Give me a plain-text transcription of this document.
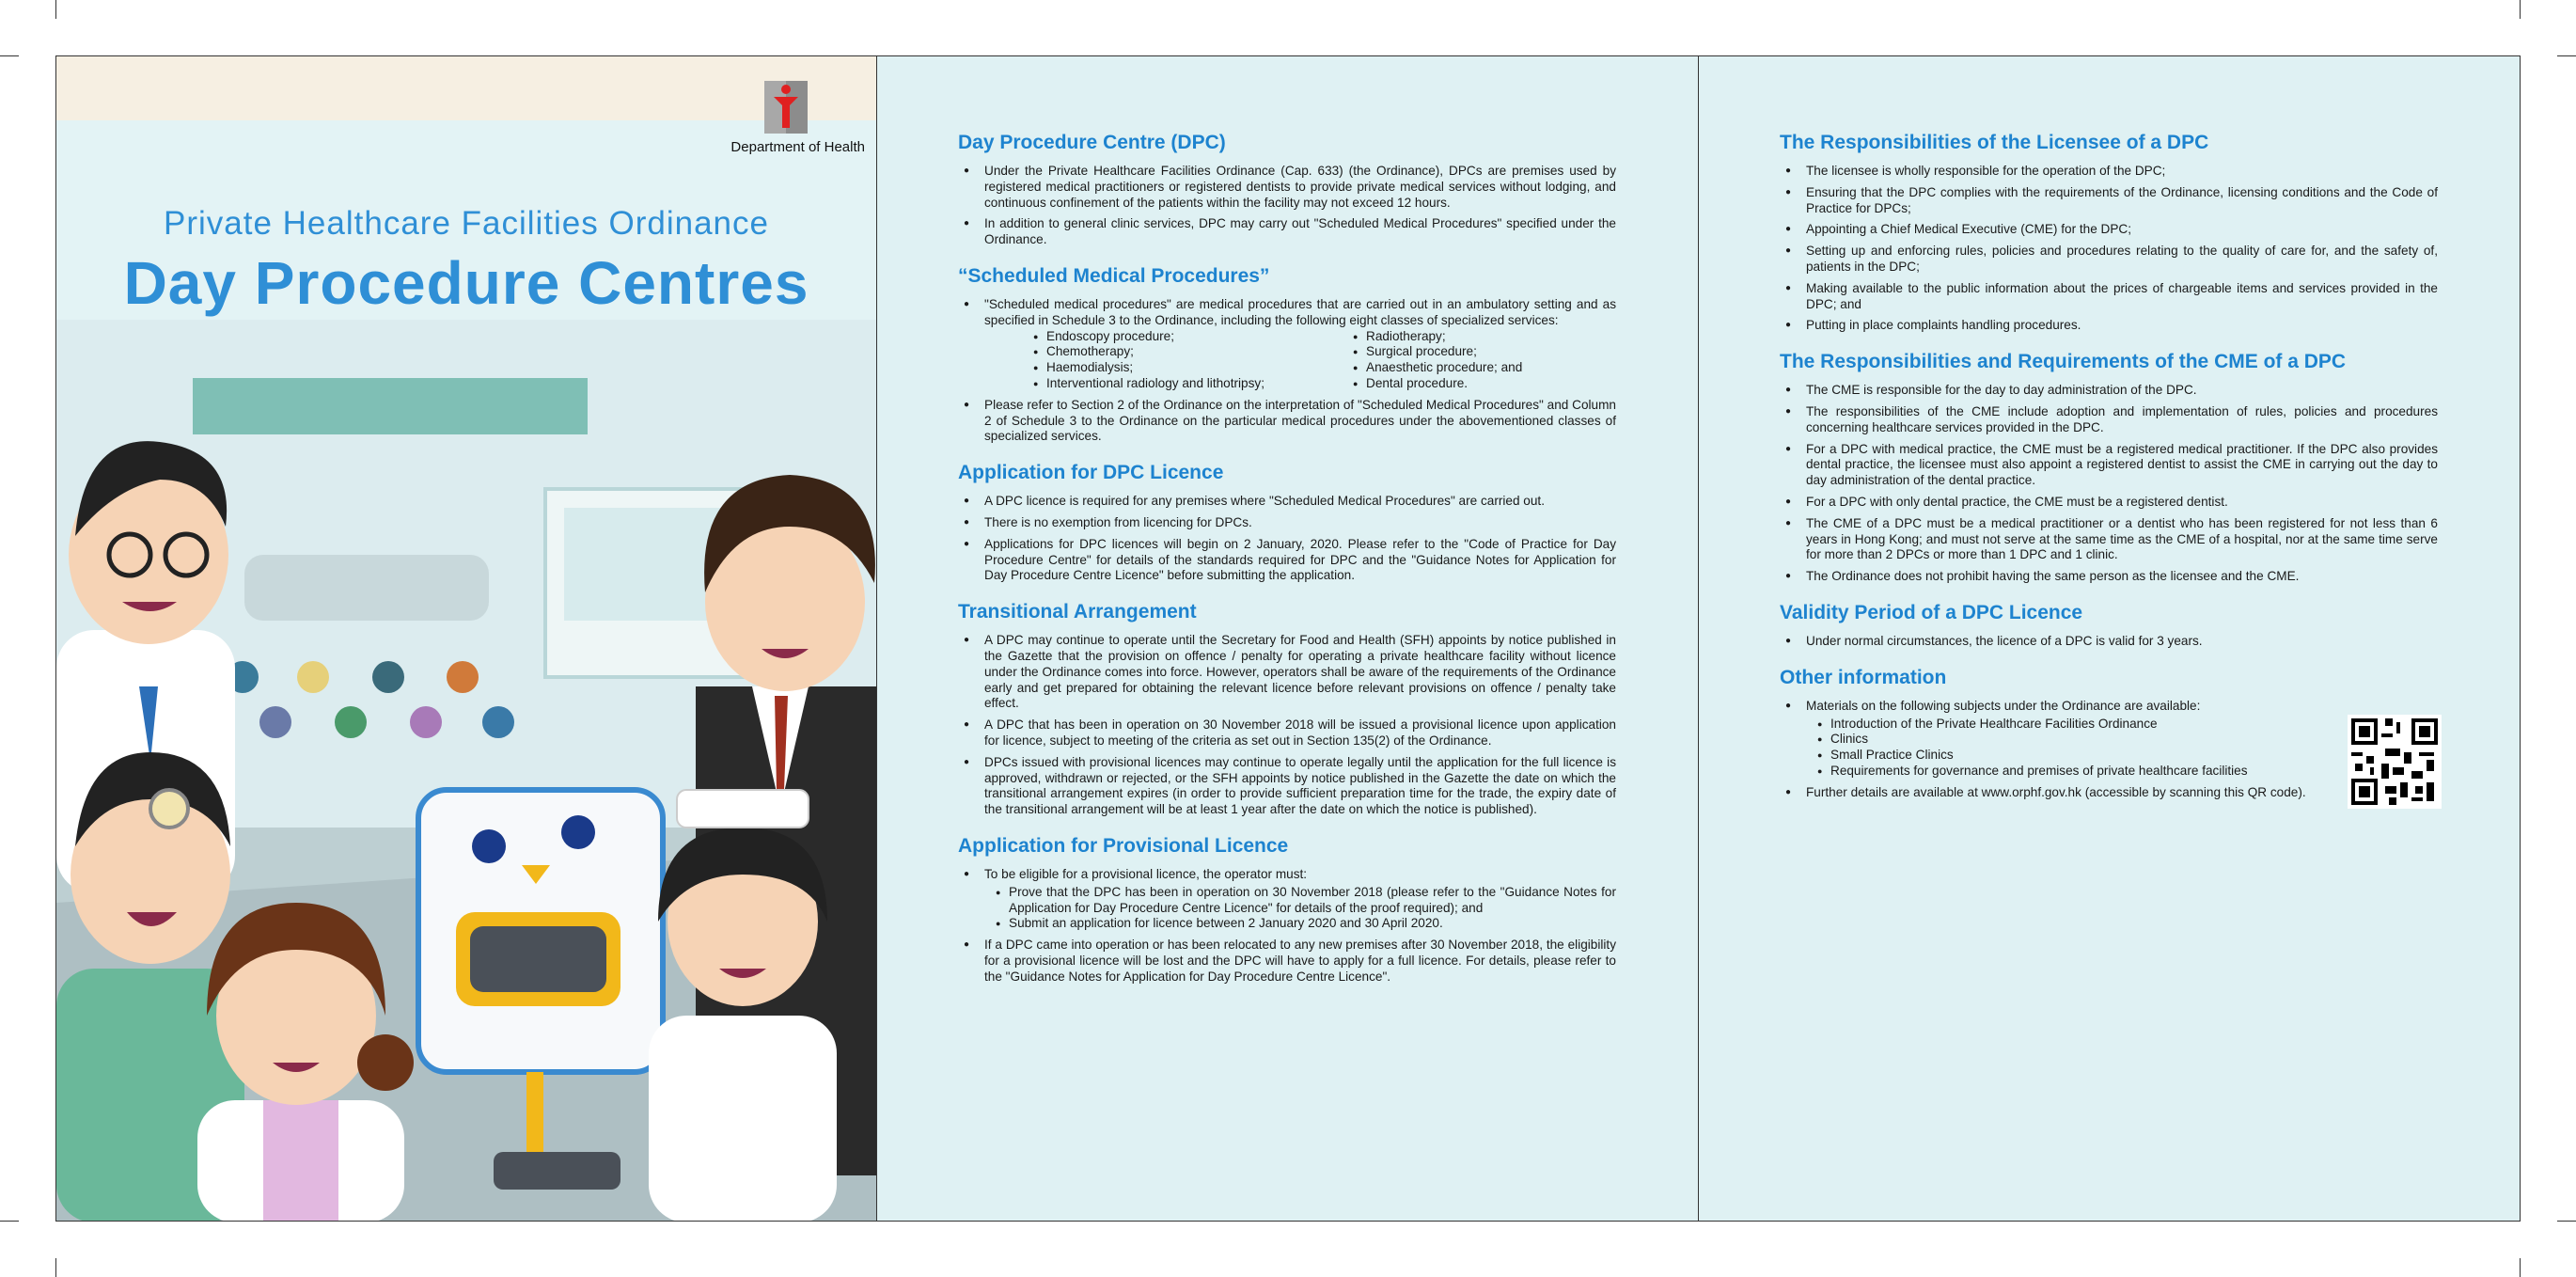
Department of Health
Private Healthcare Facilities Ordinance
Day Procedure Centres
Day Procedure Centre (DPC)
● Under the Private Healthcare Facilities Ordinance (Cap. 633) (the Ordinance), DPCs are premises used by registered medical practitioners or registered dentists to provide private medical services without lodging, and continuous confinement of the patients within the facility may not exceed 12 hours.
● In addition to general clinic services, DPC may carry out "Scheduled Medical Procedures" specified under the Ordinance.
“Scheduled Medical Procedures”
● "Scheduled medical procedures" are medical procedures that are carried out in an ambulatory setting and as specified in Schedule 3 to the Ordinance, including the following eight classes of specialized services:
● Endoscopy procedure;	● Radiotherapy;
● Chemotherapy;	● Surgical procedure;
● Haemodialysis;	● Anaesthetic procedure; and
● Interventional radiology and lithotripsy;	● Dental procedure.
● Please refer to Section 2 of the Ordinance on the interpretation of "Scheduled Medical Procedures" and Column 2 of Schedule 3 to the Ordinance on the particular medical procedures under the abovementioned classes of specialized services.
Application for DPC Licence
● A DPC licence is required for any premises where "Scheduled Medical Procedures" are carried out.
● There is no exemption from licencing for DPCs.
● Applications for DPC licences will begin on 2 January, 2020. Please refer to the "Code of Practice for Day Procedure Centre" for details of the standards required for DPC and the "Guidance Notes for Application for Day Procedure Centre Licence" before submitting the application.
Transitional Arrangement
● A DPC may continue to operate until the Secretary for Food and Health (SFH) appoints by notice published in the Gazette that the provision on offence / penalty for operating a private healthcare facility without licence under the Ordinance comes into force. However, operators shall be aware of the requirements of the Ordinance early and get prepared for obtaining the relevant licence before relevant provisions on offence / penalty take effect.
● A DPC that has been in operation on 30 November 2018 will be issued a provisional licence upon application for licence, subject to meeting of the criteria as set out in Section 135(2) of the Ordinance.
● DPCs issued with provisional licences may continue to operate legally until the application for the full licence is approved, withdrawn or rejected, or the SFH appoints by notice published in the Gazette the date on which the transitional arrangement expires (in order to provide sufficient preparation time for the trade, the expiry date of the transitional arrangement will be at least 1 year after the date on which the notice is published).
Application for Provisional Licence
● To be eligible for a provisional licence, the operator must:
● Prove that the DPC has been in operation on 30 November 2018 (please refer to the "Guidance Notes for Application for Day Procedure Centre Licence" for details of the proof required); and
● Submit an application for licence between 2 January 2020 and 30 April 2020.
● If a DPC came into operation or has been relocated to any new premises after 30 November 2018, the eligibility for a provisional licence will be lost and the DPC will have to apply for a full licence. For details, please refer to the "Guidance Notes for Application for Day Procedure Centre Licence".
The Responsibilities of the Licensee of a DPC
● The licensee is wholly responsible for the operation of the DPC;
● Ensuring that the DPC complies with the requirements of the Ordinance, licensing conditions and the Code of Practice for DPCs;
● Appointing a Chief Medical Executive (CME) for the DPC;
● Setting up and enforcing rules, policies and procedures relating to the quality of care for, and the safety of, patients in the DPC;
● Making available to the public information about the prices of chargeable items and services provided in the DPC; and
● Putting in place complaints handling procedures.
The Responsibilities and Requirements of the CME of a DPC
● The CME is responsible for the day to day administration of the DPC.
● The responsibilities of the CME include adoption and implementation of rules, policies and procedures concerning healthcare services provided in the DPC.
● For a DPC with medical practice, the CME must be a registered medical practitioner. If the DPC also provides dental practice, the licensee must also appoint a registered dentist to assist the CME in carrying out the day to day administration of the dental practice.
● For a DPC with only dental practice, the CME must be a registered dentist.
● The CME of a DPC must be a medical practitioner or a dentist who has been registered for not less than 6 years in Hong Kong; and must not serve at the same time as the CME of a hospital, nor at the same time serve for more than 2 DPCs or more than 1 DPC and 1 clinic.
● The Ordinance does not prohibit having the same person as the licensee and the CME.
Validity Period of a DPC Licence
● Under normal circumstances, the licence of a DPC is valid for 3 years.
Other information
● Materials on the following subjects under the Ordinance are available:
● Introduction of the Private Healthcare Facilities Ordinance
● Clinics
● Small Practice Clinics
● Requirements for governance and premises of private healthcare facilities
● Further details are available at www.orphf.gov.hk (accessible by scanning this QR code).
